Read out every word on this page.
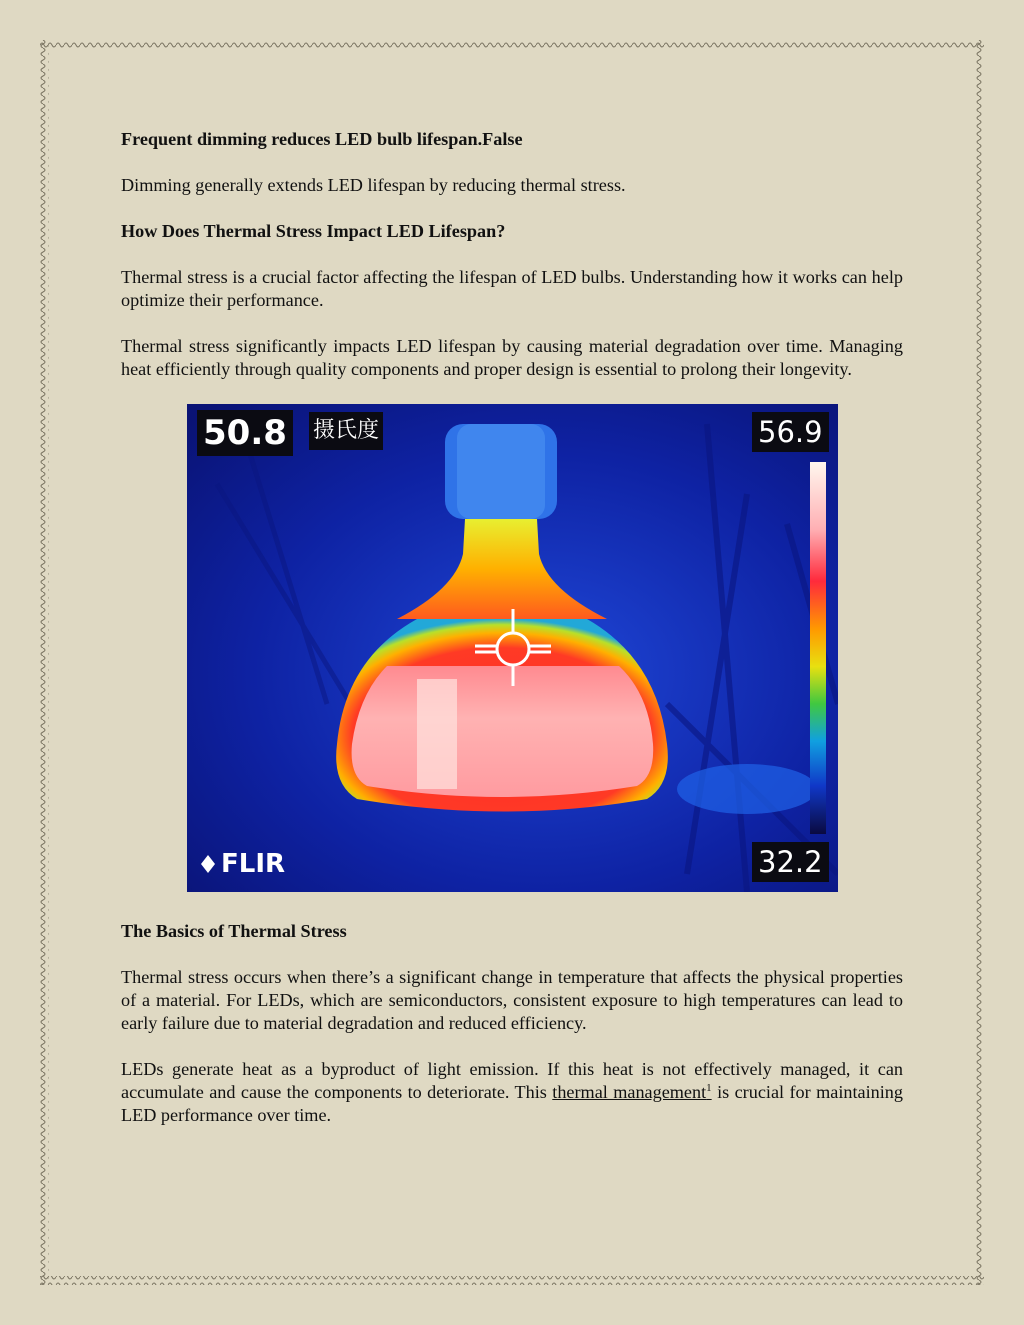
Frequent dimming reduces LED bulb lifespan.False

Dimming generally extends LED lifespan by reducing thermal stress.

How Does Thermal Stress Impact LED Lifespan?

Thermal stress is a crucial factor affecting the lifespan of LED bulbs. Understanding how it works can help optimize their performance.

Thermal stress significantly impacts LED lifespan by causing material degradation over time. Managing heat efficiently through quality components and proper design is essential to prolong their longevity.

50.8 摄氏度	56.9
32.2
FLIR

The Basics of Thermal Stress

Thermal stress occurs when there’s a significant change in temperature that affects the physical properties of a material. For LEDs, which are semiconductors, consistent exposure to high temperatures can lead to early failure due to material degradation and reduced efficiency.

LEDs generate heat as a byproduct of light emission. If this heat is not effectively managed, it can accumulate and cause the components to deteriorate. This thermal management$^1$ is crucial for maintaining LED performance over time.
